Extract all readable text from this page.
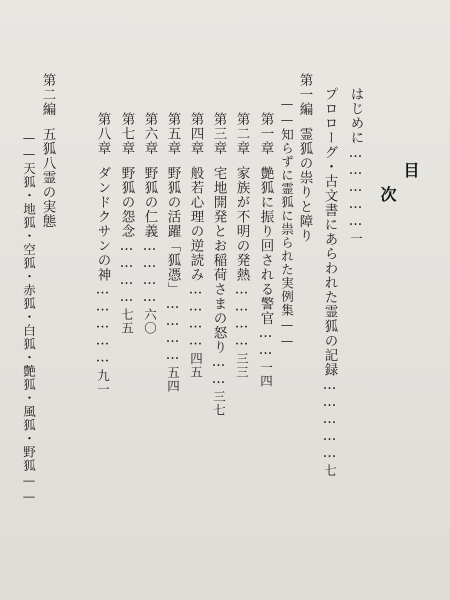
目
次
はじめに……………一
プロローグ・古文書にあらわれた霊狐の記録……………七
第一編霊狐の祟りと障り
——知らずに霊狐に祟られた実例集——
第一章艶狐に振り回される警官……一四
第二章家族が不明の発熱…………三三
第三章宅地開発とお稲荷さまの怒り……三七
第四章般若心理の逆読み…………四五
第五章野狐の活躍「狐憑」…………五四
第六章野狐の仁義…………六〇
第七章野狐の怨念…………七五
第八章ダンドクサンの神……………九一
第二編五狐八霊の実態
——天狐・地狐・空狐・赤狐・白狐・艶狐・風狐・野狐——
